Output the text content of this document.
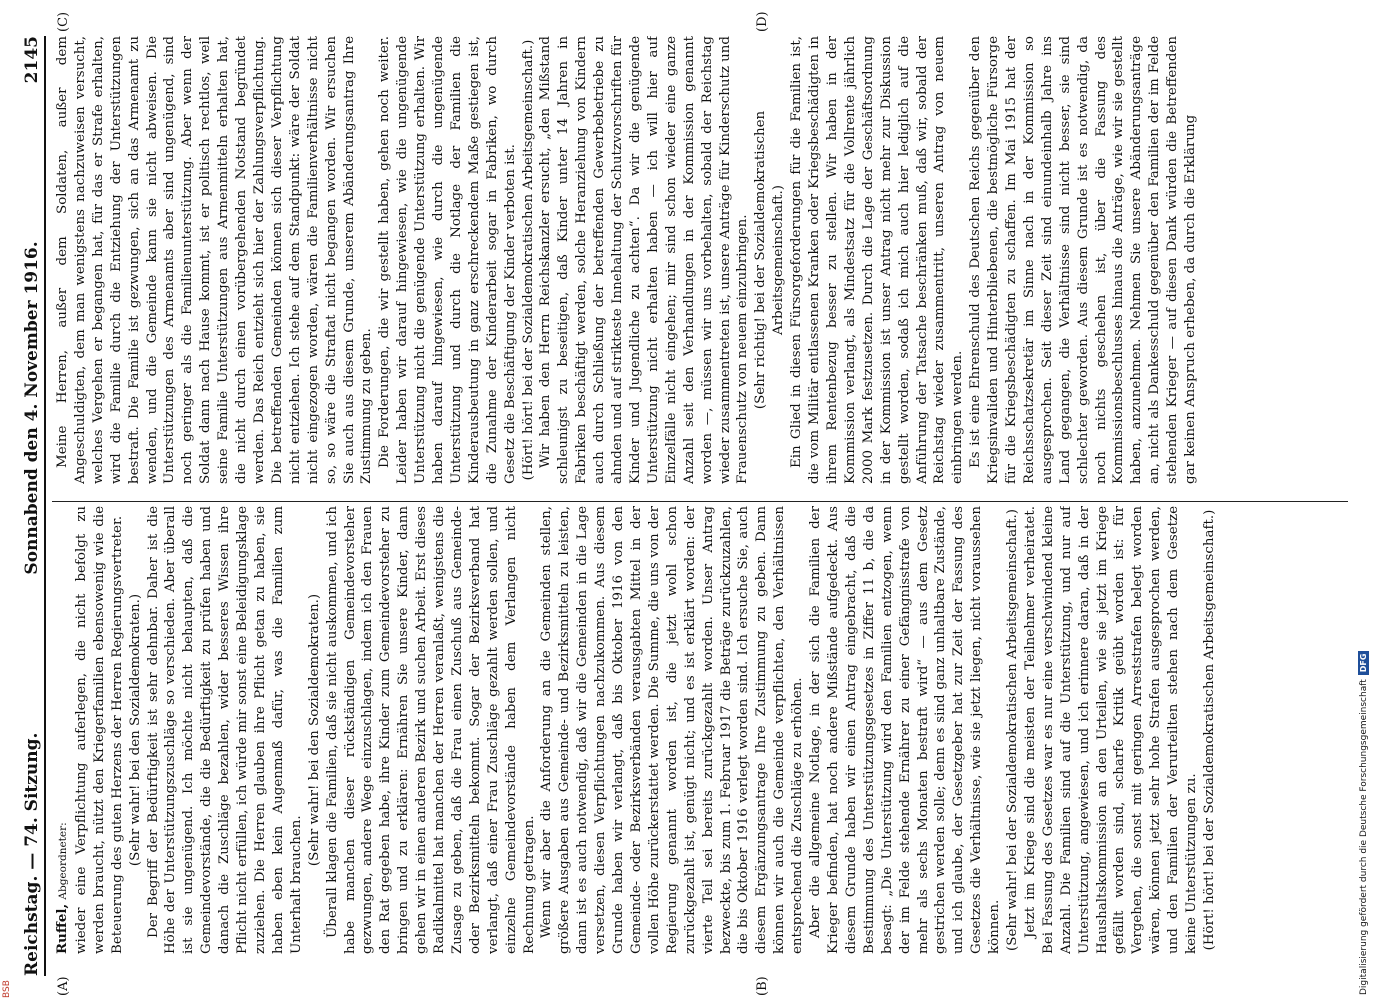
Reichstag. — 74. Sitzung.
Sonnabend den 4. November 1916.
2145
(A)	(B)
(C)	(D)

Ruffel, Abgeordneter: wieder eine Verpflichtung auferlegen, die nicht befolgt zu werden braucht, nützt den Kriegerfamilien ebensowenig wie die Beteuerung des guten Herzens der Herren Regierungsvertreter. (Sehr wahr! bei den Sozialdemokraten.) Der Begriff der Bedürftigkeit ist sehr dehnbar. Daher ist die Höhe der Unterstützungszuschläge so verschieden. Aber überall ist sie ungenügend. Ich möchte nicht behaupten, daß die Gemeindevorstände, die die Bedürftigkeit zu prüfen haben und danach die Zuschläge bezahlen, wider besseres Wissen ihre Pflicht nicht erfüllen, ich würde mir sonst eine Beleidigungsklage zuziehen. Die Herren glauben ihre Pflicht getan zu haben, sie haben eben kein Augenmaß dafür, was die Familien zum Unterhalt brauchen.

(Sehr wahr! bei den Sozialdemokraten.) Überall klagen die Familien, daß sie nicht auskommen, und ich habe manchen dieser rückständigen Gemeindevorsteher gezwungen, andere Wege einzuschlagen, indem ich den Frauen den Rat gegeben habe, ihre Kinder zum Gemeindevorsteher zu bringen und zu erklären: Ernähren Sie unsere Kinder, dann gehen wir in einen anderen Bezirk und suchen Arbeit. Erst dieses Radikalmittel hat manchen der Herren veranlaßt, wenigstens die Zusage zu geben, daß die Frau einen Zuschuß aus Gemeinde- oder Bezirksmitteln bekommt. Sogar der Bezirksverband hat verlangt, daß einer Frau Zuschläge gezahlt werden sollen, und einzelne Gemeindevorstände haben dem Verlangen nicht Rechnung getragen. Wenn wir aber die Anforderung an die Gemeinden stellen, größere Ausgaben aus Gemeinde- und Bezirksmitteln zu leisten, dann ist es auch notwendig, daß wir die Gemeinden in die Lage versetzen, diesen Verpflichtungen nachzukommen. Aus diesem Grunde haben wir verlangt, daß bis Oktober 1916 von den Gemeinde- oder Bezirksverbänden verausgabten Mittel in der vollen Höhe zurückerstattet werden. Die Summe, die uns von der Regierung genannt worden ist, die jetzt wohl schon zurückgezahlt ist, genügt nicht; und es ist erklärt worden: der vierte Teil sei bereits zurückgezahlt worden. Unser Antrag bezweckte, bis zum 1. Februar 1917 die Beträge zurückzuzahlen, die bis Oktober 1916 verlegt worden sind. Ich ersuche Sie, auch diesem Ergänzungsantrage Ihre Zustimmung zu geben. Dann können wir auch die Gemeinde verpflichten, den Verhältnissen entsprechend die Zuschläge zu erhöhen. Aber die allgemeine Notlage, in der sich die Familien der Krieger befinden, hat noch andere Mißstände aufgedeckt. Aus diesem Grunde haben wir einen Antrag eingebracht, daß die Bestimmung des Unterstützungsgesetzes in Ziffer 11 b, die da besagt: „Die Unterstützung wird den Familien entzogen, wenn der im Felde stehende Ernährer zu einer Gefängnisstrafe von mehr als sechs Monaten bestraft wird“ — aus dem Gesetz gestrichen werden solle; denn es sind ganz unhaltbare Zustände, und ich glaube, der Gesetzgeber hat zur Zeit der Fassung des Gesetzes die Verhältnisse, wie sie jetzt liegen, nicht voraussehen können. (Sehr wahr! bei der Sozialdemokratischen Arbeitsgemeinschaft.) Jetzt im Kriege sind die meisten der Teilnehmer verheiratet. Bei Fassung des Gesetzes war es nur eine verschwindend kleine Anzahl. Die Familien sind auf die Unterstützung, und nur auf Unterstützung, angewiesen, und ich erinnere daran, daß in der Haushaltskommission an den Urteilen, wie sie jetzt im Kriege gefällt worden sind, scharfe Kritik geübt worden ist: für Vergehen, die sonst mit geringen Arreststrafen belegt worden wären, können jetzt sehr hohe Strafen ausgesprochen werden, und den Familien der Verurteilten stehen nach dem Gesetze keine Unterstützungen zu. (Hört! hört! bei der Sozialdemokratischen Arbeitsgemeinschaft.)

Meine Herren, außer dem Soldaten, außer dem Angeschuldigten, dem man wenigstens nachzuweisen versucht, welches Vergehen er begangen hat, für das er Strafe erhalten, wird die Familie durch die Entziehung der Unterstützungen bestraft. Die Familie ist gezwungen, sich an das Armenamt zu wenden, und die Gemeinde kann sie nicht abweisen. Die Unterstützungen des Armenamts aber sind ungenügend, sind noch geringer als die Familienunterstützung. Aber wenn der Soldat dann nach Hause kommt, ist er politisch rechtlos, weil seine Familie Unterstützungen aus Armenmitteln erhalten hat, die nicht durch einen vorübergehenden Notstand begründet werden. Das Reich entzieht sich hier der Zahlungsverpflichtung. Die betreffenden Gemeinden können sich dieser Verpflichtung nicht entziehen. Ich stehe auf dem Standpunkt: wäre der Soldat nicht eingezogen worden, wären die Familienverhältnisse nicht so, so wäre die Straftat nicht begangen worden. Wir ersuchen Sie auch aus diesem Grunde, unserem Abänderungsantrag Ihre Zustimmung zu geben. Die Forderungen, die wir gestellt haben, gehen noch weiter. Leider haben wir darauf hingewiesen, wie die ungenügende Unterstützung nicht die genügende Unterstützung erhalten. Wir haben darauf hingewiesen, wie durch die ungenügende Unterstützung und durch die Notlage der Familien die Kinderausbeutung in ganz erschreckendem Maße gestiegen ist, die Zunahme der Kinderarbeit sogar in Fabriken, wo durch Gesetz die Beschäftigung der Kinder verboten ist. (Hört! hört! bei der Sozialdemokratischen Arbeitsgemeinschaft.) Wir haben den Herrn Reichskanzler ersucht, „den Mißstand schleunigst zu beseitigen, daß Kinder unter 14 Jahren in Fabriken beschäftigt werden, solche Heranziehung von Kindern auch durch Schließung der betreffenden Gewerbebetriebe zu ahnden und auf strikteste Innehaltung der Schutzvorschriften für Kinder und Jugendliche zu achten“. Da wir die genügende Unterstützung nicht erhalten haben — ich will hier auf Einzelfälle nicht eingehen; mir sind schon wieder eine ganze Anzahl seit den Verhandlungen in der Kommission genannt worden —, müssen wir uns vorbehalten, sobald der Reichstag wieder zusammentreten ist, unsere Anträge für Kinderschutz und Frauenschutz von neuem einzubringen. (Sehr richtig! bei der Sozialdemokratischen Arbeitsgemeinschaft.) Ein Glied in diesen Fürsorgeforderungen für die Familien ist, die vom Militär entlassenen Kranken oder Kriegsbeschädigten in ihrem Rentenbezug besser zu stellen. Wir haben in der Kommission verlangt, als Mindestsatz für die Vollrente jährlich 2000 Mark festzusetzen. Durch die Lage der Geschäftsordnung in der Kommission ist unser Antrag nicht mehr zur Diskussion gestellt worden, sodaß ich mich auch hier lediglich auf die Anführung der Tatsache beschränken muß, daß wir, sobald der Reichstag wieder zusammentritt, unseren Antrag von neuem einbringen werden. Es ist eine Ehrenschuld des Deutschen Reichs gegenüber den Kriegsinvaliden und Hinterbliebenen, die bestmögliche Fürsorge für die Kriegsbeschädigten zu schaffen. Im Mai 1915 hat der Reichsschatzsekretär im Sinne nach in der Kommission so ausgesprochen. Seit dieser Zeit sind einundeinhalb Jahre ins Land gegangen, die Verhältnisse sind nicht besser, sie sind schlechter geworden. Aus diesem Grunde ist es notwendig, da noch nichts geschehen ist, über die Fassung des Kommissionsbeschlusses hinaus die Anträge, wie wir sie gestellt haben, anzunehmen. Nehmen Sie unsere Abänderungsanträge an, nicht als Dankesschuld gegenüber den Familien der im Felde stehenden Krieger — auf diesen Dank würden die Betreffenden gar keinen Anspruch erheben, da durch die Erklärung

Digitalisierung gefördert durch die Deutsche Forschungsgemeinschaft
DFG
BSB
